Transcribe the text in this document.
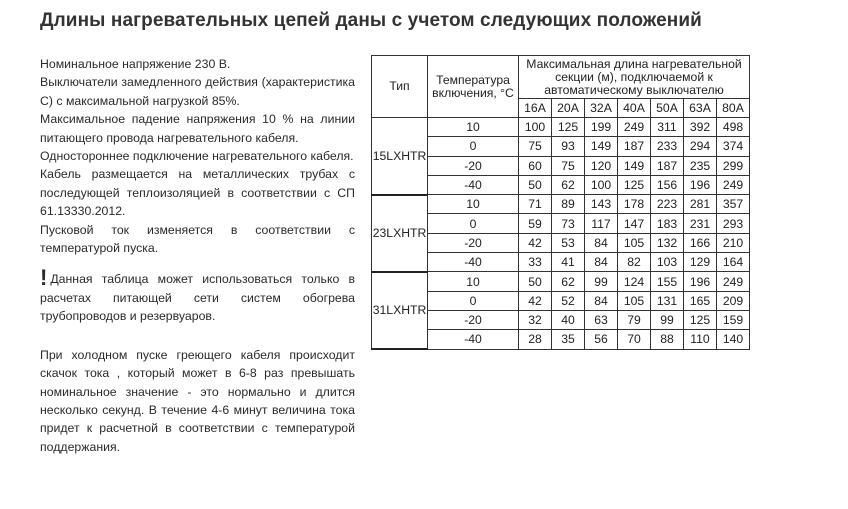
Длины нагревательных цепей даны с учетом следующих положений

Номинальное напряжение 230 В.

Выключатели замедленного действия (характеристика С) с максимальной нагрузкой 85%.

Максимальное падение напряжения 10 % на линии питающего провода нагревательного кабеля.

Одностороннее подключение нагревательного кабеля.

Кабель размещается на металлических трубах с последующей теплоизоляцией в соответствии с СП 61.13330.2012.

Пусковой ток изменяется в соответствии с температурой пуска.

! Данная таблица может использоваться только в расчетах питающей сети систем обогрева трубопроводов и резервуаров.

При холодном пуске греющего кабеля происходит скачок тока , который может в 6-8 раз превышать номинальное значение - это нормально и длится несколько секунд. В течение 4-6 минут величина тока придет к расчетной в соответствии с температурой поддержания.

Тип	Температура включения, °С	Максимальная длина нагревательной секции (м), подключаемой к автоматическому выключателю						
		16A	20A	32A	40A	50A	63A	80A
15LXHTR	10	100	125	199	249	311	392	498
	0	75	93	149	187	233	294	374
	-20	60	75	120	149	187	235	299
	-40	50	62	100	125	156	196	249
23LXHTR	10	71	89	143	178	223	281	357
	0	59	73	117	147	183	231	293
	-20	42	53	84	105	132	166	210
	-40	33	41	84	82	103	129	164
31LXHTR	10	50	62	99	124	155	196	249
	0	42	52	84	105	131	165	209
	-20	32	40	63	79	99	125	159
	-40	28	35	56	70	88	110	140
